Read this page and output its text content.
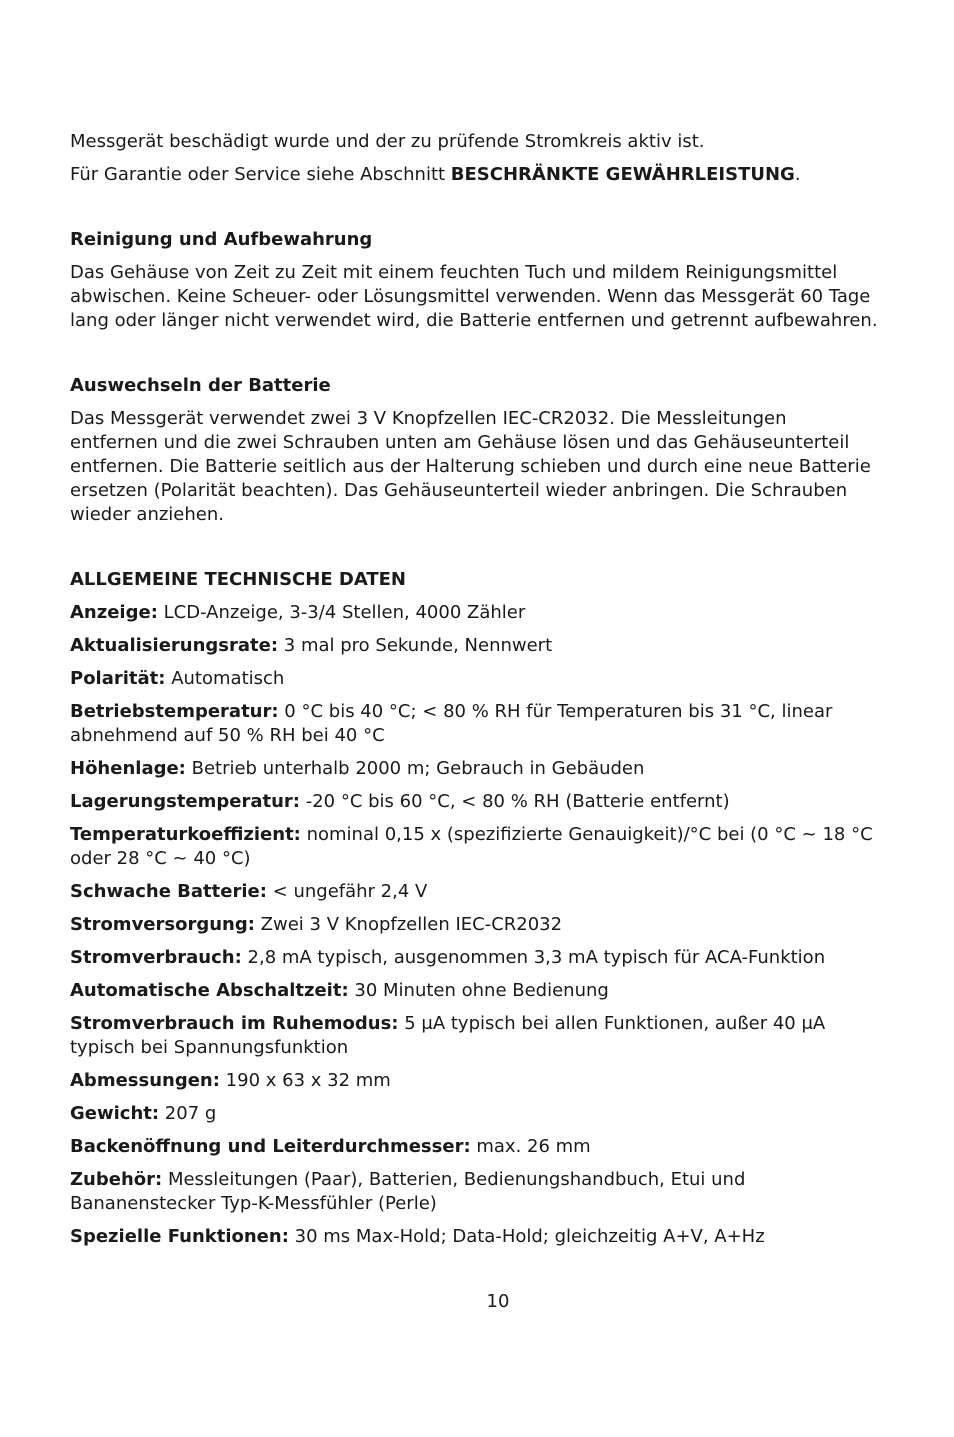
Messgerät beschädigt wurde und der zu prüfende Stromkreis aktiv ist.

Für Garantie oder Service siehe Abschnitt BESCHRÄNKTE GEWÄHRLEISTUNG.

Reinigung und Aufbewahrung

Das Gehäuse von Zeit zu Zeit mit einem feuchten Tuch und mildem Reinigungsmittel abwischen. Keine Scheuer- oder Lösungsmittel verwenden. Wenn das Messgerät 60 Tage lang oder länger nicht verwendet wird, die Batterie entfernen und getrennt aufbewahren.

Auswechseln der Batterie

Das Messgerät verwendet zwei 3 V Knopfzellen IEC-CR2032. Die Messleitungen entfernen und die zwei Schrauben unten am Gehäuse lösen und das Gehäuseunterteil entfernen. Die Batterie seitlich aus der Halterung schieben und durch eine neue Batterie ersetzen (Polarität beachten). Das Gehäuseunterteil wieder anbringen. Die Schrauben wieder anziehen.

ALLGEMEINE TECHNISCHE DATEN

Anzeige: LCD-Anzeige, 3-3/4 Stellen, 4000 Zähler

Aktualisierungsrate: 3 mal pro Sekunde, Nennwert

Polarität: Automatisch

Betriebstemperatur: 0 °C bis 40 °C; < 80 % RH für Temperaturen bis 31 °C, linear abnehmend auf 50 % RH bei 40 °C

Höhenlage: Betrieb unterhalb 2000 m; Gebrauch in Gebäuden

Lagerungstemperatur: -20 °C bis 60 °C, < 80 % RH (Batterie entfernt)

Temperaturkoeffizient: nominal 0,15 x (spezifizierte Genauigkeit)/°C bei (0 °C ~ 18 °C oder 28 °C ~ 40 °C)

Schwache Batterie: < ungefähr 2,4 V

Stromversorgung: Zwei 3 V Knopfzellen IEC-CR2032

Stromverbrauch: 2,8 mA typisch, ausgenommen 3,3 mA typisch für ACA-Funktion

Automatische Abschaltzeit: 30 Minuten ohne Bedienung

Stromverbrauch im Ruhemodus: 5 μA typisch bei allen Funktionen, außer 40 μA typisch bei Spannungsfunktion

Abmessungen: 190 x 63 x 32 mm

Gewicht: 207 g

Backenöffnung und Leiterdurchmesser: max. 26 mm

Zubehör: Messleitungen (Paar), Batterien, Bedienungshandbuch, Etui und Bananenstecker Typ-K-Messfühler (Perle)

Spezielle Funktionen: 30 ms Max-Hold; Data-Hold; gleichzeitig A+V, A+Hz

10
